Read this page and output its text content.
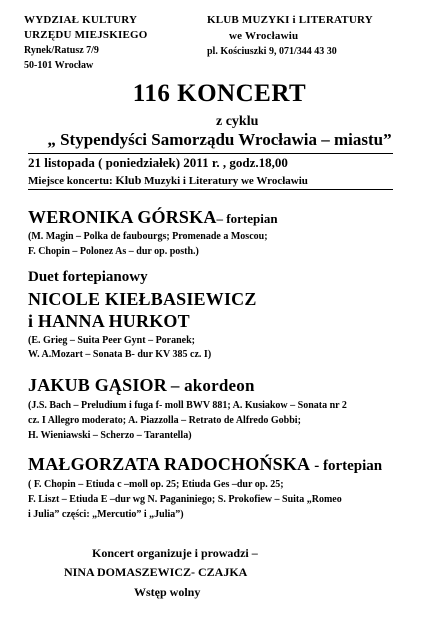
WYDZIAŁ KULTURY
URZĘDU MIEJSKIEGO
Rynek/Ratusz 7/9
50-101 Wrocław
KLUB MUZYKI i LITERATURY
we Wrocławiu
pl. Kościuszki 9, 071/344 43 30
116 KONCERT
z cyklu
„ Stypendyści Samorządu Wrocławia – miastu”
21 listopada ( poniedziałek) 2011 r. , godz.18,00
Miejsce koncertu: Klub Muzyki i Literatury we Wrocławiu
WERONIKA GÓRSKA– fortepian
(M. Magin – Polka de faubourgs; Promenade a Moscou;
F. Chopin – Polonez As – dur op. posth.)
Duet fortepianowy
NICOLE KIEŁBASIEWICZ
i HANNA HURKOT
(E. Grieg – Suita Peer Gynt – Poranek;
W. A.Mozart – Sonata B- dur KV 385 cz. I)
JAKUB GĄSIOR – akordeon
(J.S. Bach – Preludium i fuga f- moll BWV 881; A. Kusiakow – Sonata nr 2
cz. I Allegro moderato; A. Piazzolla – Retrato de Alfredo Gobbi;
H. Wieniawski – Scherzo – Tarantella)
MAŁGORZATA RADOCHOŃSKA - fortepian
( F. Chopin – Etiuda c –moll op. 25; Etiuda Ges –dur op. 25;
F. Liszt – Etiuda E –dur wg N. Paganiniego; S. Prokofiew – Suita „Romeo
i Julia” części: „Mercutio” i „Julia”)
Koncert organizuje i prowadzi –
NINA DOMASZEWICZ- CZAJKA
Wstęp wolny
